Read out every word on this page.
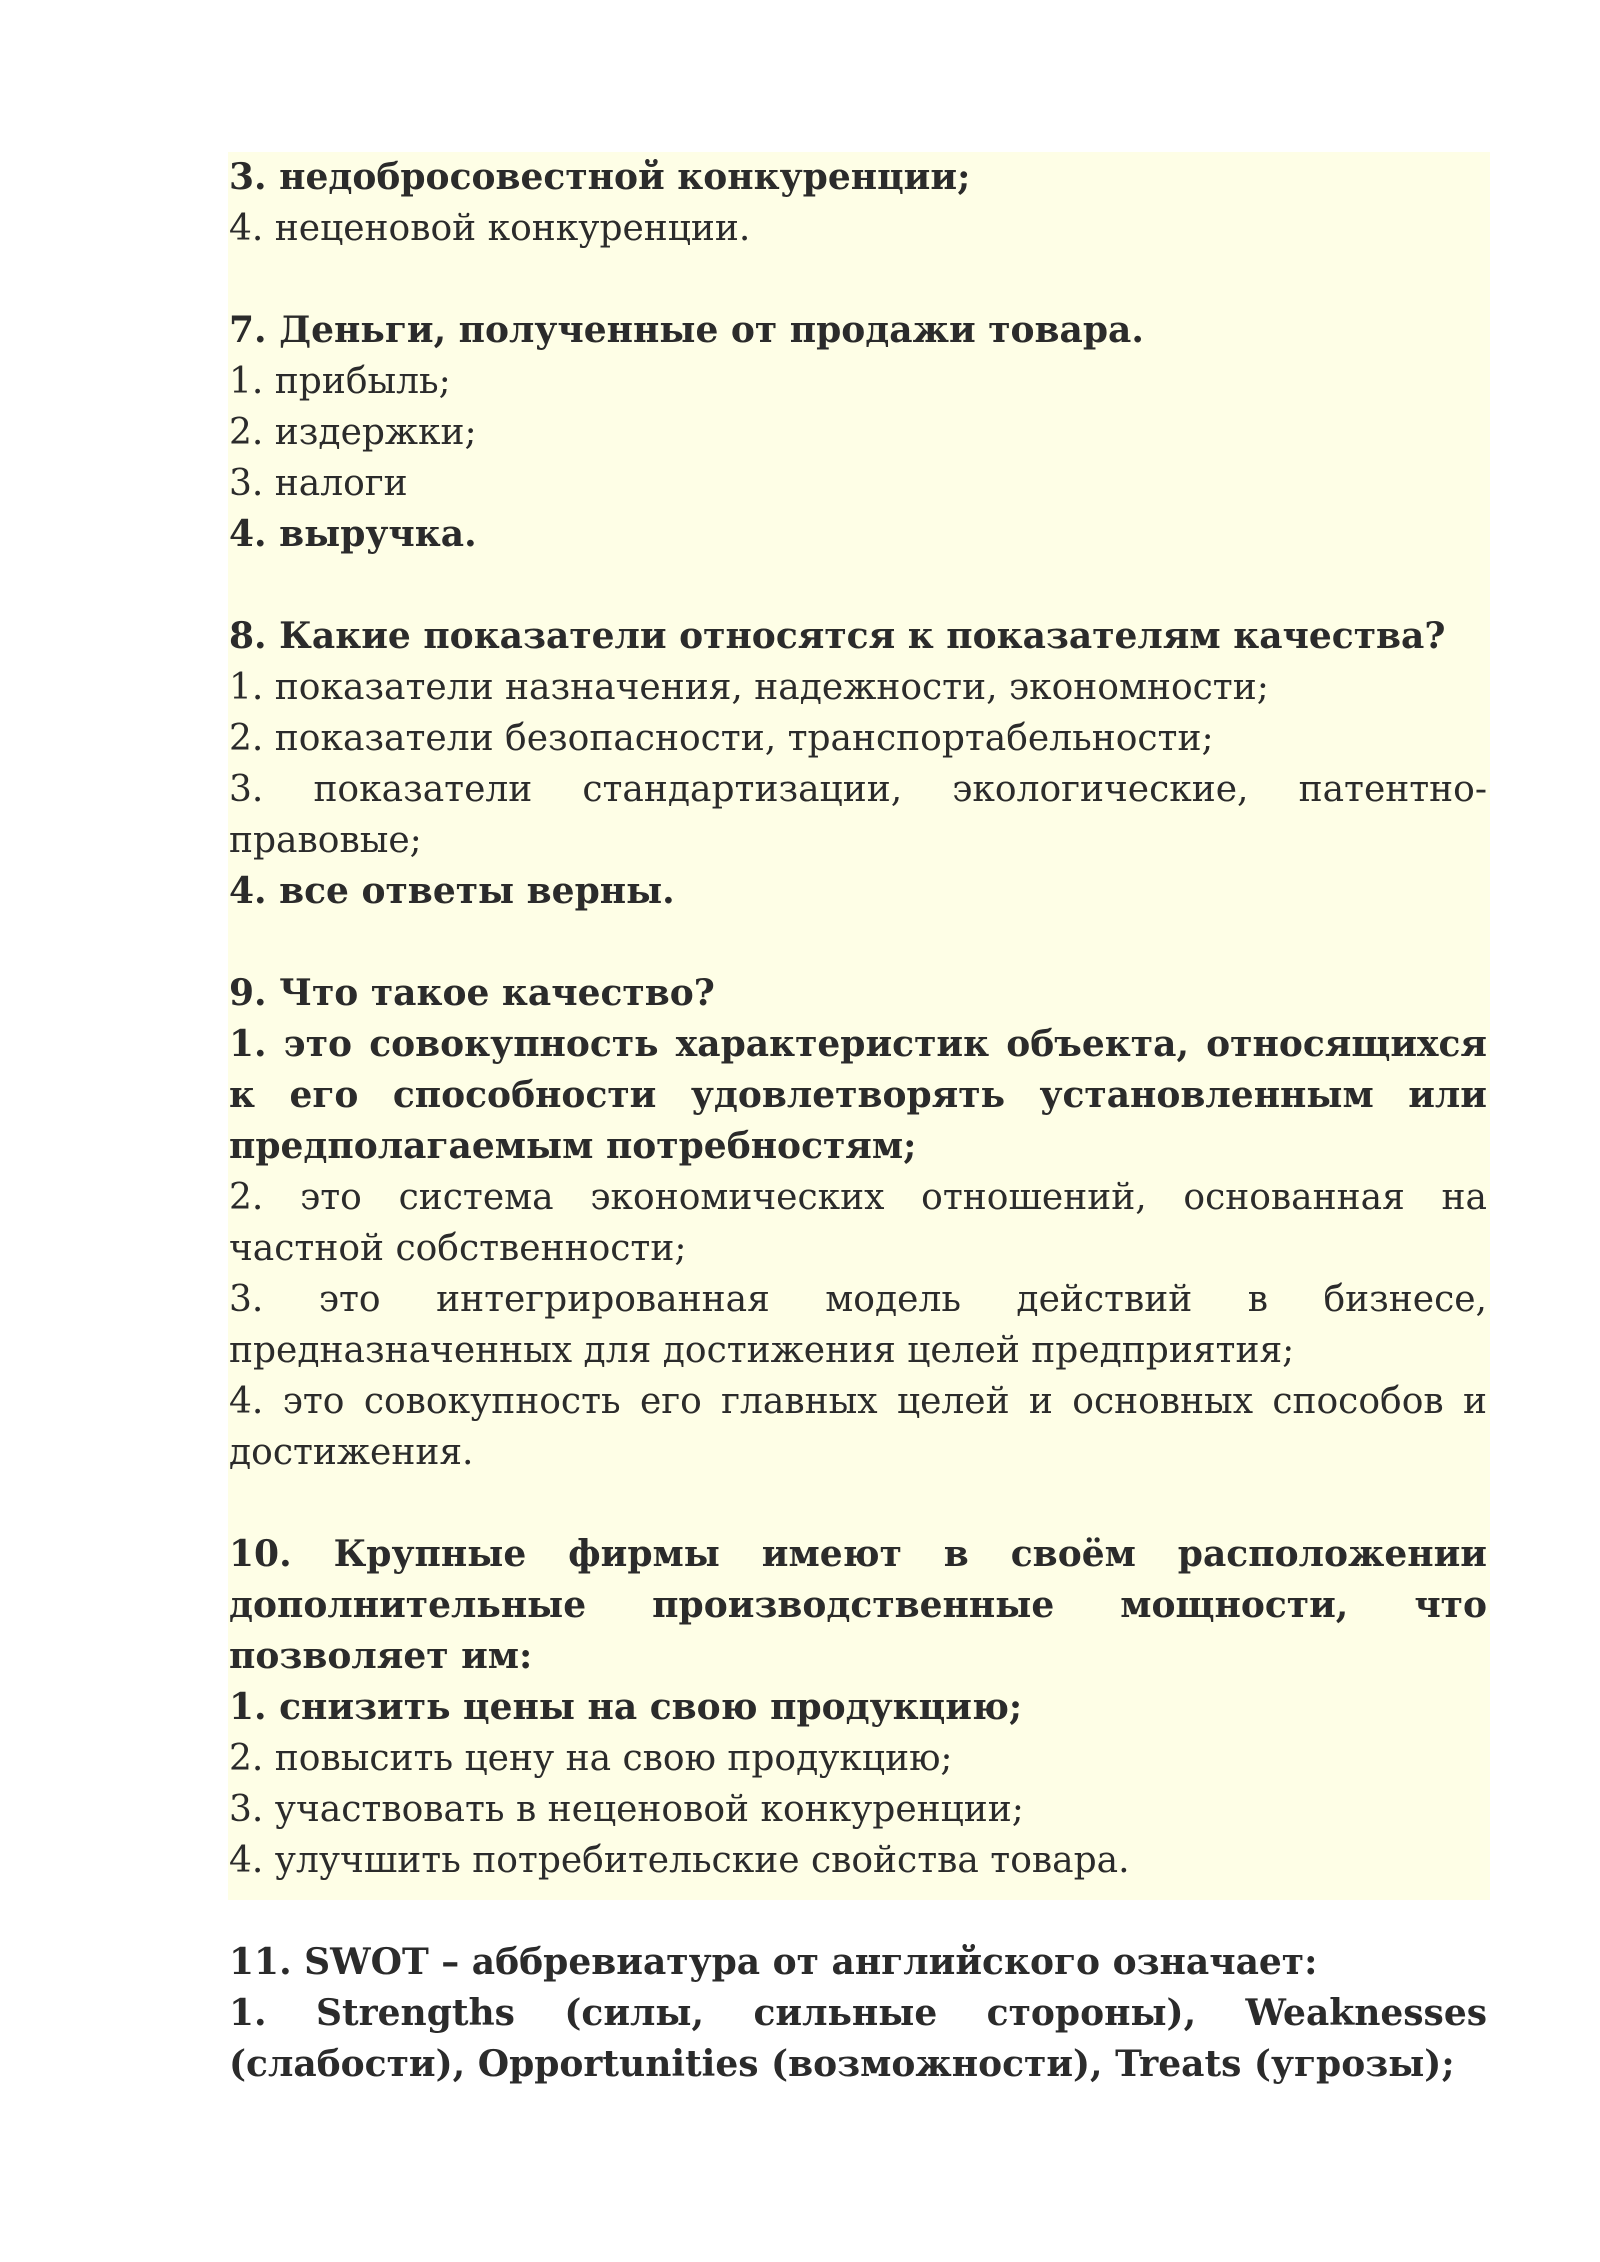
3. недобросовестной конкуренции;
4. неценовой конкуренции.
7. Деньги, полученные от продажи товара.
1. прибыль;
2. издержки;
3. налоги
4. выручка.
8. Какие показатели относятся к показателям качества?
1. показатели назначения, надежности, экономности;
2. показатели безопасности, транспортабельности;
3. показатели стандартизации, экологические, патентно-правовые;
4. все ответы верны.
9. Что такое качество?
1. это совокупность характеристик объекта, относящихся к его способности удовлетворять установленным или предполагаемым потребностям;
2. это система экономических отношений, основанная на частной собственности;
3. это интегрированная модель действий в бизнесе, предназначенных для достижения целей предприятия;
4. это совокупность его главных целей и основных способов и достижения.
10. Крупные фирмы имеют в своём расположении дополнительные производственные мощности, что позволяет им:
1. снизить цены на свою продукцию;
2. повысить цену на свою продукцию;
3. участвовать в неценовой конкуренции;
4. улучшить потребительские свойства товара.
11. SWOT – аббревиатура от английского означает:
1. Strengths (силы, сильные стороны), Weaknesses (слабости), Opportunities (возможности), Treats (угрозы);
